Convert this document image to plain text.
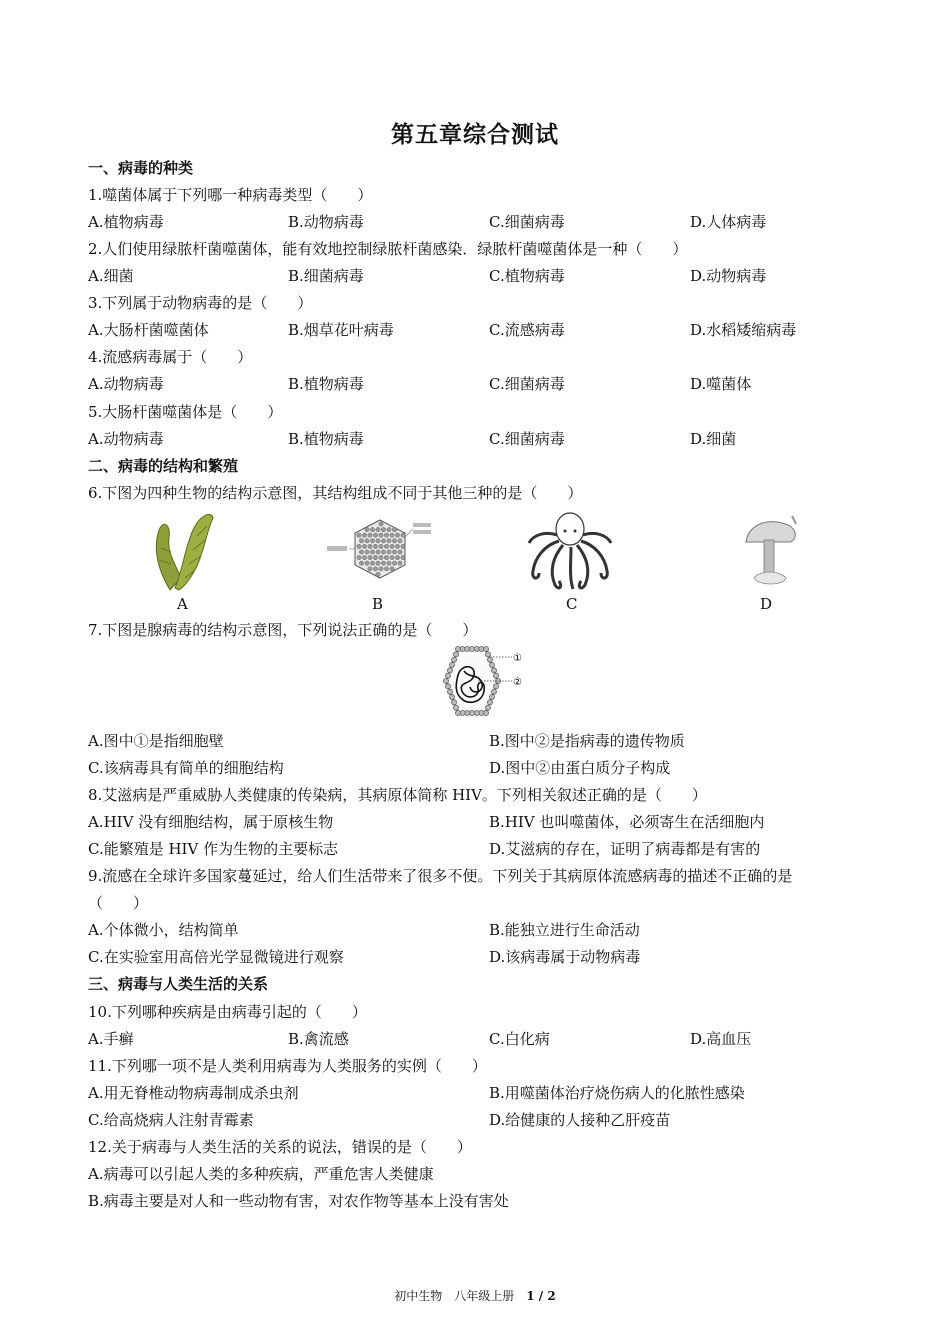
第五章综合测试
一、病毒的种类
1.噬菌体属于下列哪一种病毒类型（　　）
A.植物病毒	B.动物病毒	C.细菌病毒	D.人体病毒
2.人们使用绿脓杆菌噬菌体，能有效地控制绿脓杆菌感染．绿脓杆菌噬菌体是一种（　　）
A.细菌	B.细菌病毒	C.植物病毒	D.动物病毒
3.下列属于动物病毒的是（　　）
A.大肠杆菌噬菌体	B.烟草花叶病毒	C.流感病毒	D.水稻矮缩病毒
4.流感病毒属于（　　）
A.动物病毒	B.植物病毒	C.细菌病毒	D.噬菌体
5.大肠杆菌噬菌体是（　　）
A.动物病毒	B.植物病毒	C.细菌病毒	D.细菌
二、病毒的结构和繁殖
6.下图为四种生物的结构示意图，其结构组成不同于其他三种的是（　　）
A	B	C	D
7.下图是腺病毒的结构示意图，下列说法正确的是（　　）
①
②
A.图中①是指细胞壁	B.图中②是指病毒的遗传物质
C.该病毒具有简单的细胞结构	D.图中②由蛋白质分子构成
8.艾滋病是严重威胁人类健康的传染病，其病原体简称 HIV。下列相关叙述正确的是（　　）
A.HIV 没有细胞结构，属于原核生物	B.HIV 也叫噬菌体，必须寄生在活细胞内
C.能繁殖是 HIV 作为生物的主要标志	D.艾滋病的存在，证明了病毒都是有害的
9.流感在全球许多国家蔓延过，给人们生活带来了很多不便。下列关于其病原体流感病毒的描述不正确的是
（　　）
A.个体微小，结构简单	B.能独立进行生命活动
C.在实验室用高倍光学显微镜进行观察	D.该病毒属于动物病毒
三、病毒与人类生活的关系
10.下列哪种疾病是由病毒引起的（　　）
A.手癣	B.禽流感	C.白化病	D.高血压
11.下列哪一项不是人类利用病毒为人类服务的实例（　　）
A.用无脊椎动物病毒制成杀虫剂	B.用噬菌体治疗烧伤病人的化脓性感染
C.给高烧病人注射青霉素	D.给健康的人接种乙肝疫苗
12.关于病毒与人类生活的关系的说法，错误的是（　　）
A.病毒可以引起人类的多种疾病，严重危害人类健康
B.病毒主要是对人和一些动物有害，对农作物等基本上没有害处
初中生物　八年级上册　1 / 2
